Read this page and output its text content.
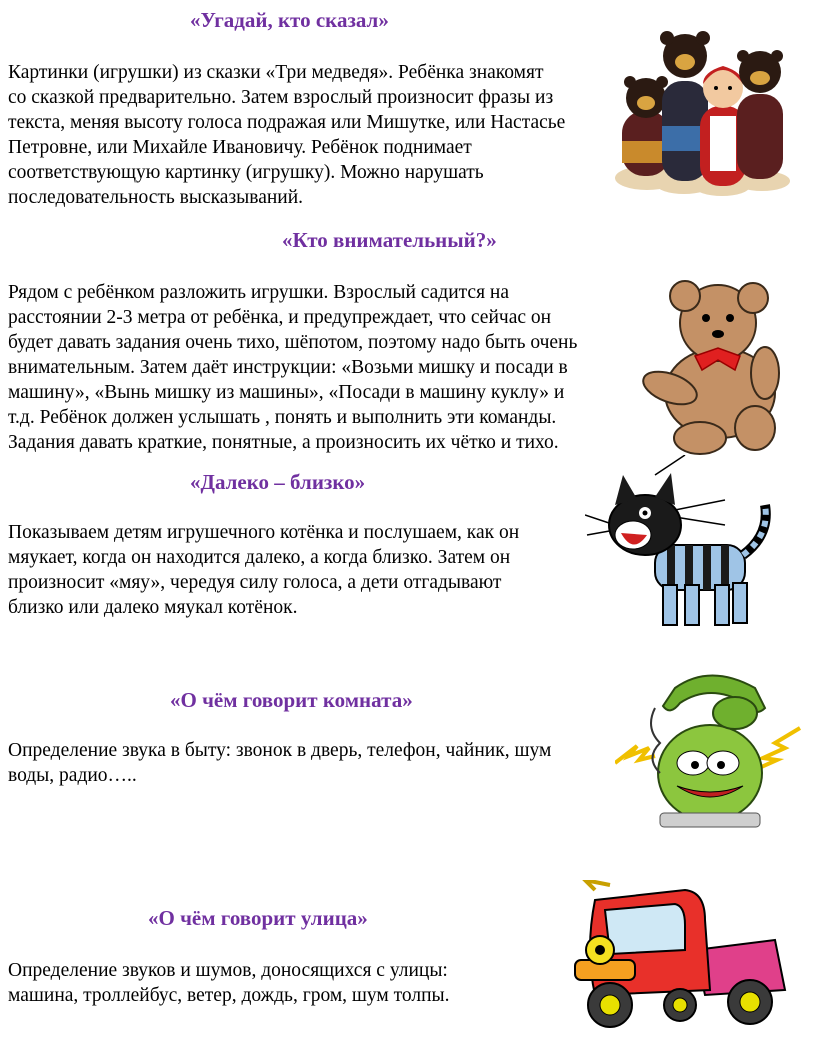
«Угадай, кто сказал»
Картинки (игрушки) из сказки «Три медведя». Ребёнка знакомят
со сказкой предварительно. Затем взрослый произносит фразы из
текста, меняя высоту голоса подражая или Мишутке, или Настасье
Петровне, или Михайле Ивановичу. Ребёнок поднимает
соответствующую картинку (игрушку). Можно нарушать
последовательность высказываний.
«Кто внимательный?»
Рядом с ребёнком разложить игрушки. Взрослый садится на
расстоянии 2-3 метра от ребёнка, и предупреждает, что сейчас он
будет давать задания очень тихо, шёпотом, поэтому надо быть очень
внимательным. Затем даёт инструкции: «Возьми мишку и посади в
машину», «Вынь мишку из машины», «Посади в машину куклу» и
т.д. Ребёнок должен услышать , понять и выполнить эти команды.
Задания давать краткие, понятные, а произносить их чётко и тихо.
«Далеко – близко»
Показываем детям игрушечного котёнка и послушаем, как он
мяукает, когда он находится далеко, а когда близко. Затем он
произносит «мяу», чередуя силу голоса, а дети отгадывают
близко или далеко мяукал котёнок.
«О чём говорит комната»
Определение звука в быту: звонок в дверь, телефон, чайник, шум
воды, радио…..
«О чём говорит улица»
Определение звуков и шумов, доносящихся с улицы:
машина, троллейбус, ветер, дождь, гром, шум толпы.
